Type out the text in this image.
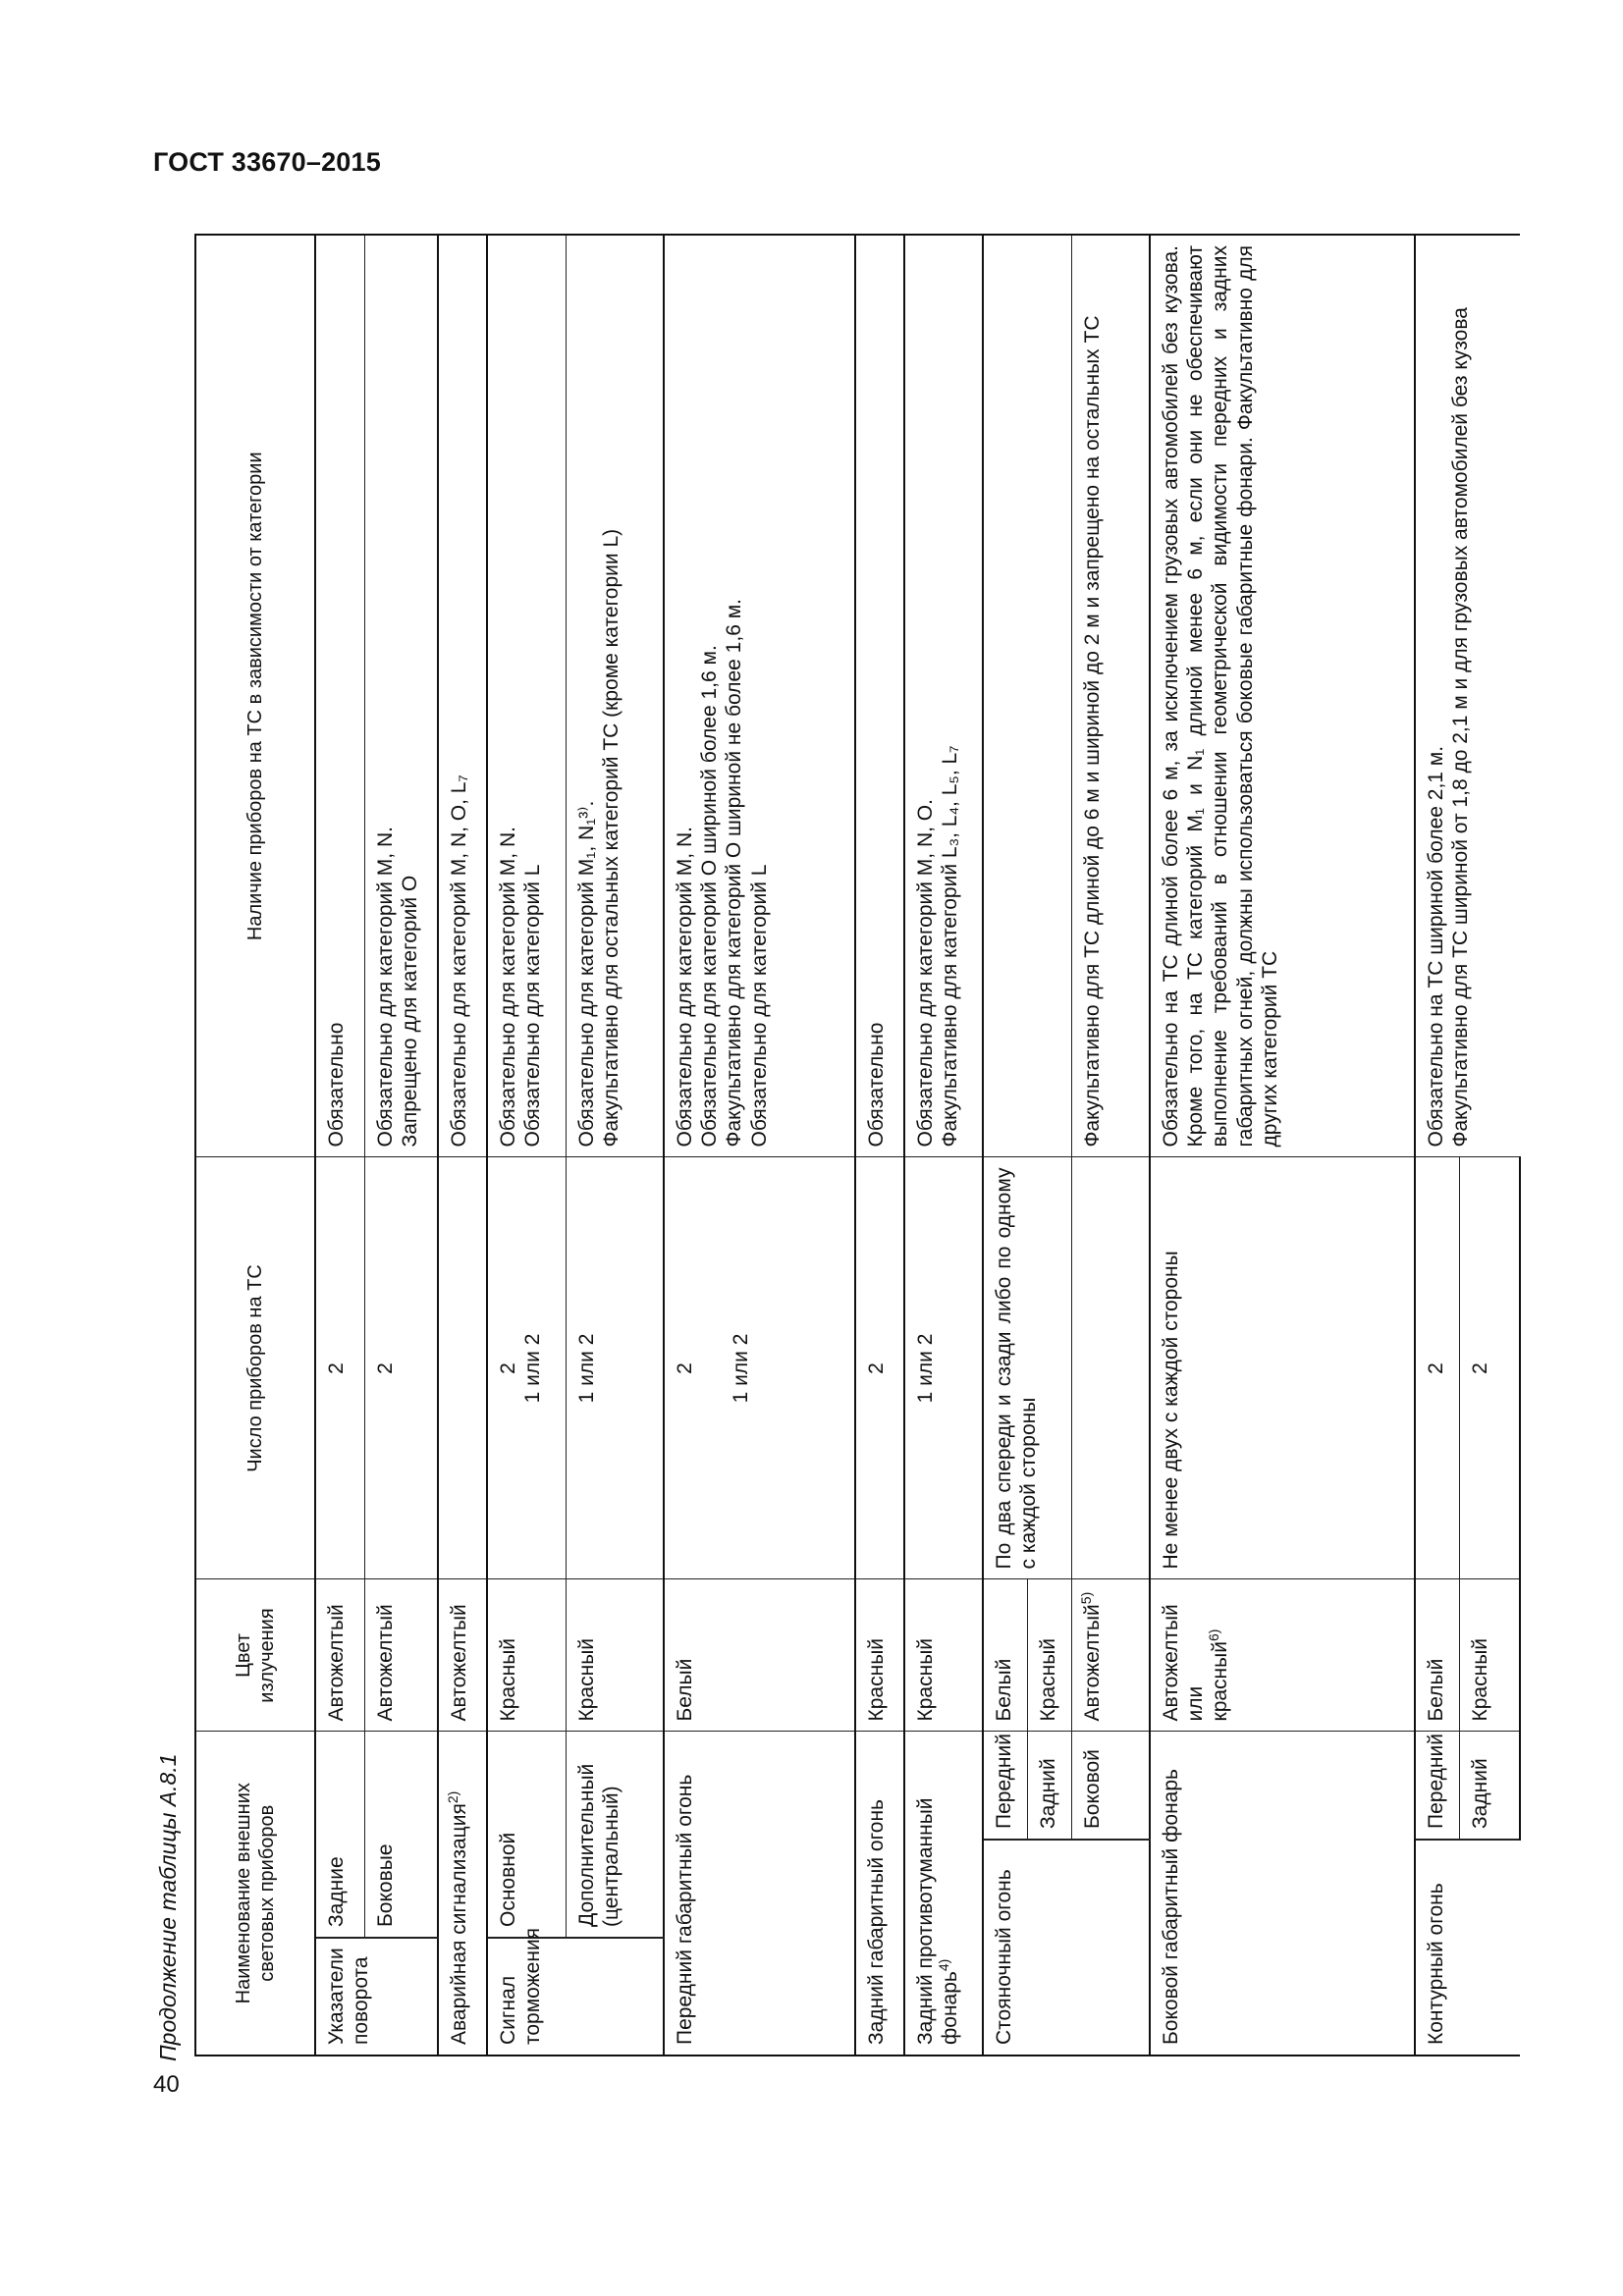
ГОСТ 33670–2015
40
Продолжение таблицы А.8.1	Наименование внешних световых приборов			Цвет излучения	Число приборов на ТС	Наличие приборов на ТС в зависимости от категории
Указатели поворота	Задние		Автожелтый	2	Обязательно
	Боковые		Автожелтый	2	Обязательно для категорий M, N. Запрещено для категорий О
Аварийная сигнализация$^{2)}$			Автожелтый		Обязательно для категорий M, N, O, L₇
Сигнал торможения	Основной		Красный	2 1 или 2	Обязательно для категорий M, N. Обязательно для категорий L
	Дополнительный (центральный)		Красный	1 или 2	Обязательно для категорий M₁, N₁³⁾. Факультативно для остальных категорий ТС (кроме категории L)
Передний габаритный огонь			Белый	2 1 или 2	Обязательно для категорий M, N. Обязательно для категорий О шириной более 1,6 м. Факультативно для категорий О шириной не более 1,6 м. Обязательно для категорий L
Задний габаритный огонь			Красный	2	Обязательно
Задний противотуманный фонарь$^{4)}$			Красный	1 или 2	Обязательно для категорий M, N, O. Факультативно для категорий L₃, L₄, L₅, L₇
Стояночный огонь		Передний	Белый	По два спереди и сзади либо по одному с каждой стороны	
		Задний	Красный		
		Боковой	Автожелтый$^{5)}$		Факультативно для ТС длиной до 6 м и шириной до 2 м и запрещено на остальных ТС
Боковой габаритный фонарь			Автожелтый или красный$^{6)}$	Не менее двух с каждой стороны	Обязательно на ТС длиной более 6 м, за исключением грузовых автомобилей без кузова. Кроме того, на ТС категорий M₁ и N₁ длиной менее 6 м, если они не обеспечивают выполнение требований в отношении геометрической видимости передних и задних габаритных огней, должны использоваться боковые габаритные фонари. Факультативно для других категорий ТС
Контурный огонь		Передний	Белый	2	Обязательно на ТС шириной более 2,1 м. Факультативно для ТС шириной от 1,8 до 2,1 м и для грузовых автомобилей без кузова
		Задний	Красный	2	
